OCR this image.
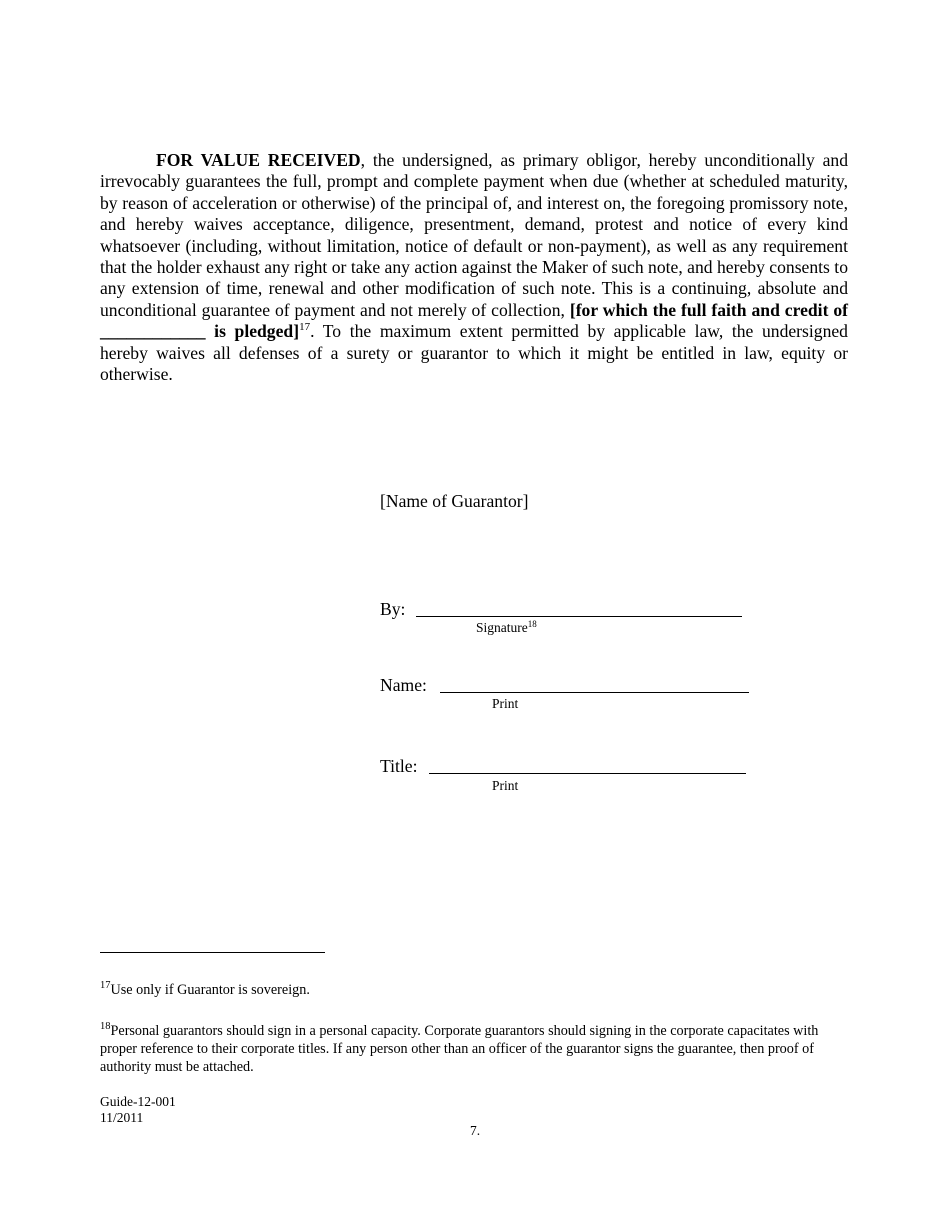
FOR VALUE RECEIVED, the undersigned, as primary obligor, hereby unconditionally and irrevocably guarantees the full, prompt and complete payment when due (whether at scheduled maturity, by reason of acceleration or otherwise) of the principal of, and interest on, the foregoing promissory note, and hereby waives acceptance, diligence, presentment, demand, protest and notice of every kind whatsoever (including, without limitation, notice of default or non-payment), as well as any requirement that the holder exhaust any right or take any action against the Maker of such note, and hereby consents to any extension of time, renewal and other modification of such note. This is a continuing, absolute and unconditional guarantee of payment and not merely of collection, [for which the full faith and credit of ____________ is pledged]$^{17}$. To the maximum extent permitted by applicable law, the undersigned hereby waives all defenses of a surety or guarantor to which it might be entitled in law, equity or otherwise.
[Name of Guarantor]
By:
Signature$^{18}$
Name:
Print
Title:
Print
$^{17}$Use only if Guarantor is sovereign.
$^{18}$Personal guarantors should sign in a personal capacity. Corporate guarantors should signing in the corporate capacitates with proper reference to their corporate titles. If any person other than an officer of the guarantor signs the guarantee, then proof of authority must be attached.
Guide-12-001
11/2011
7.
